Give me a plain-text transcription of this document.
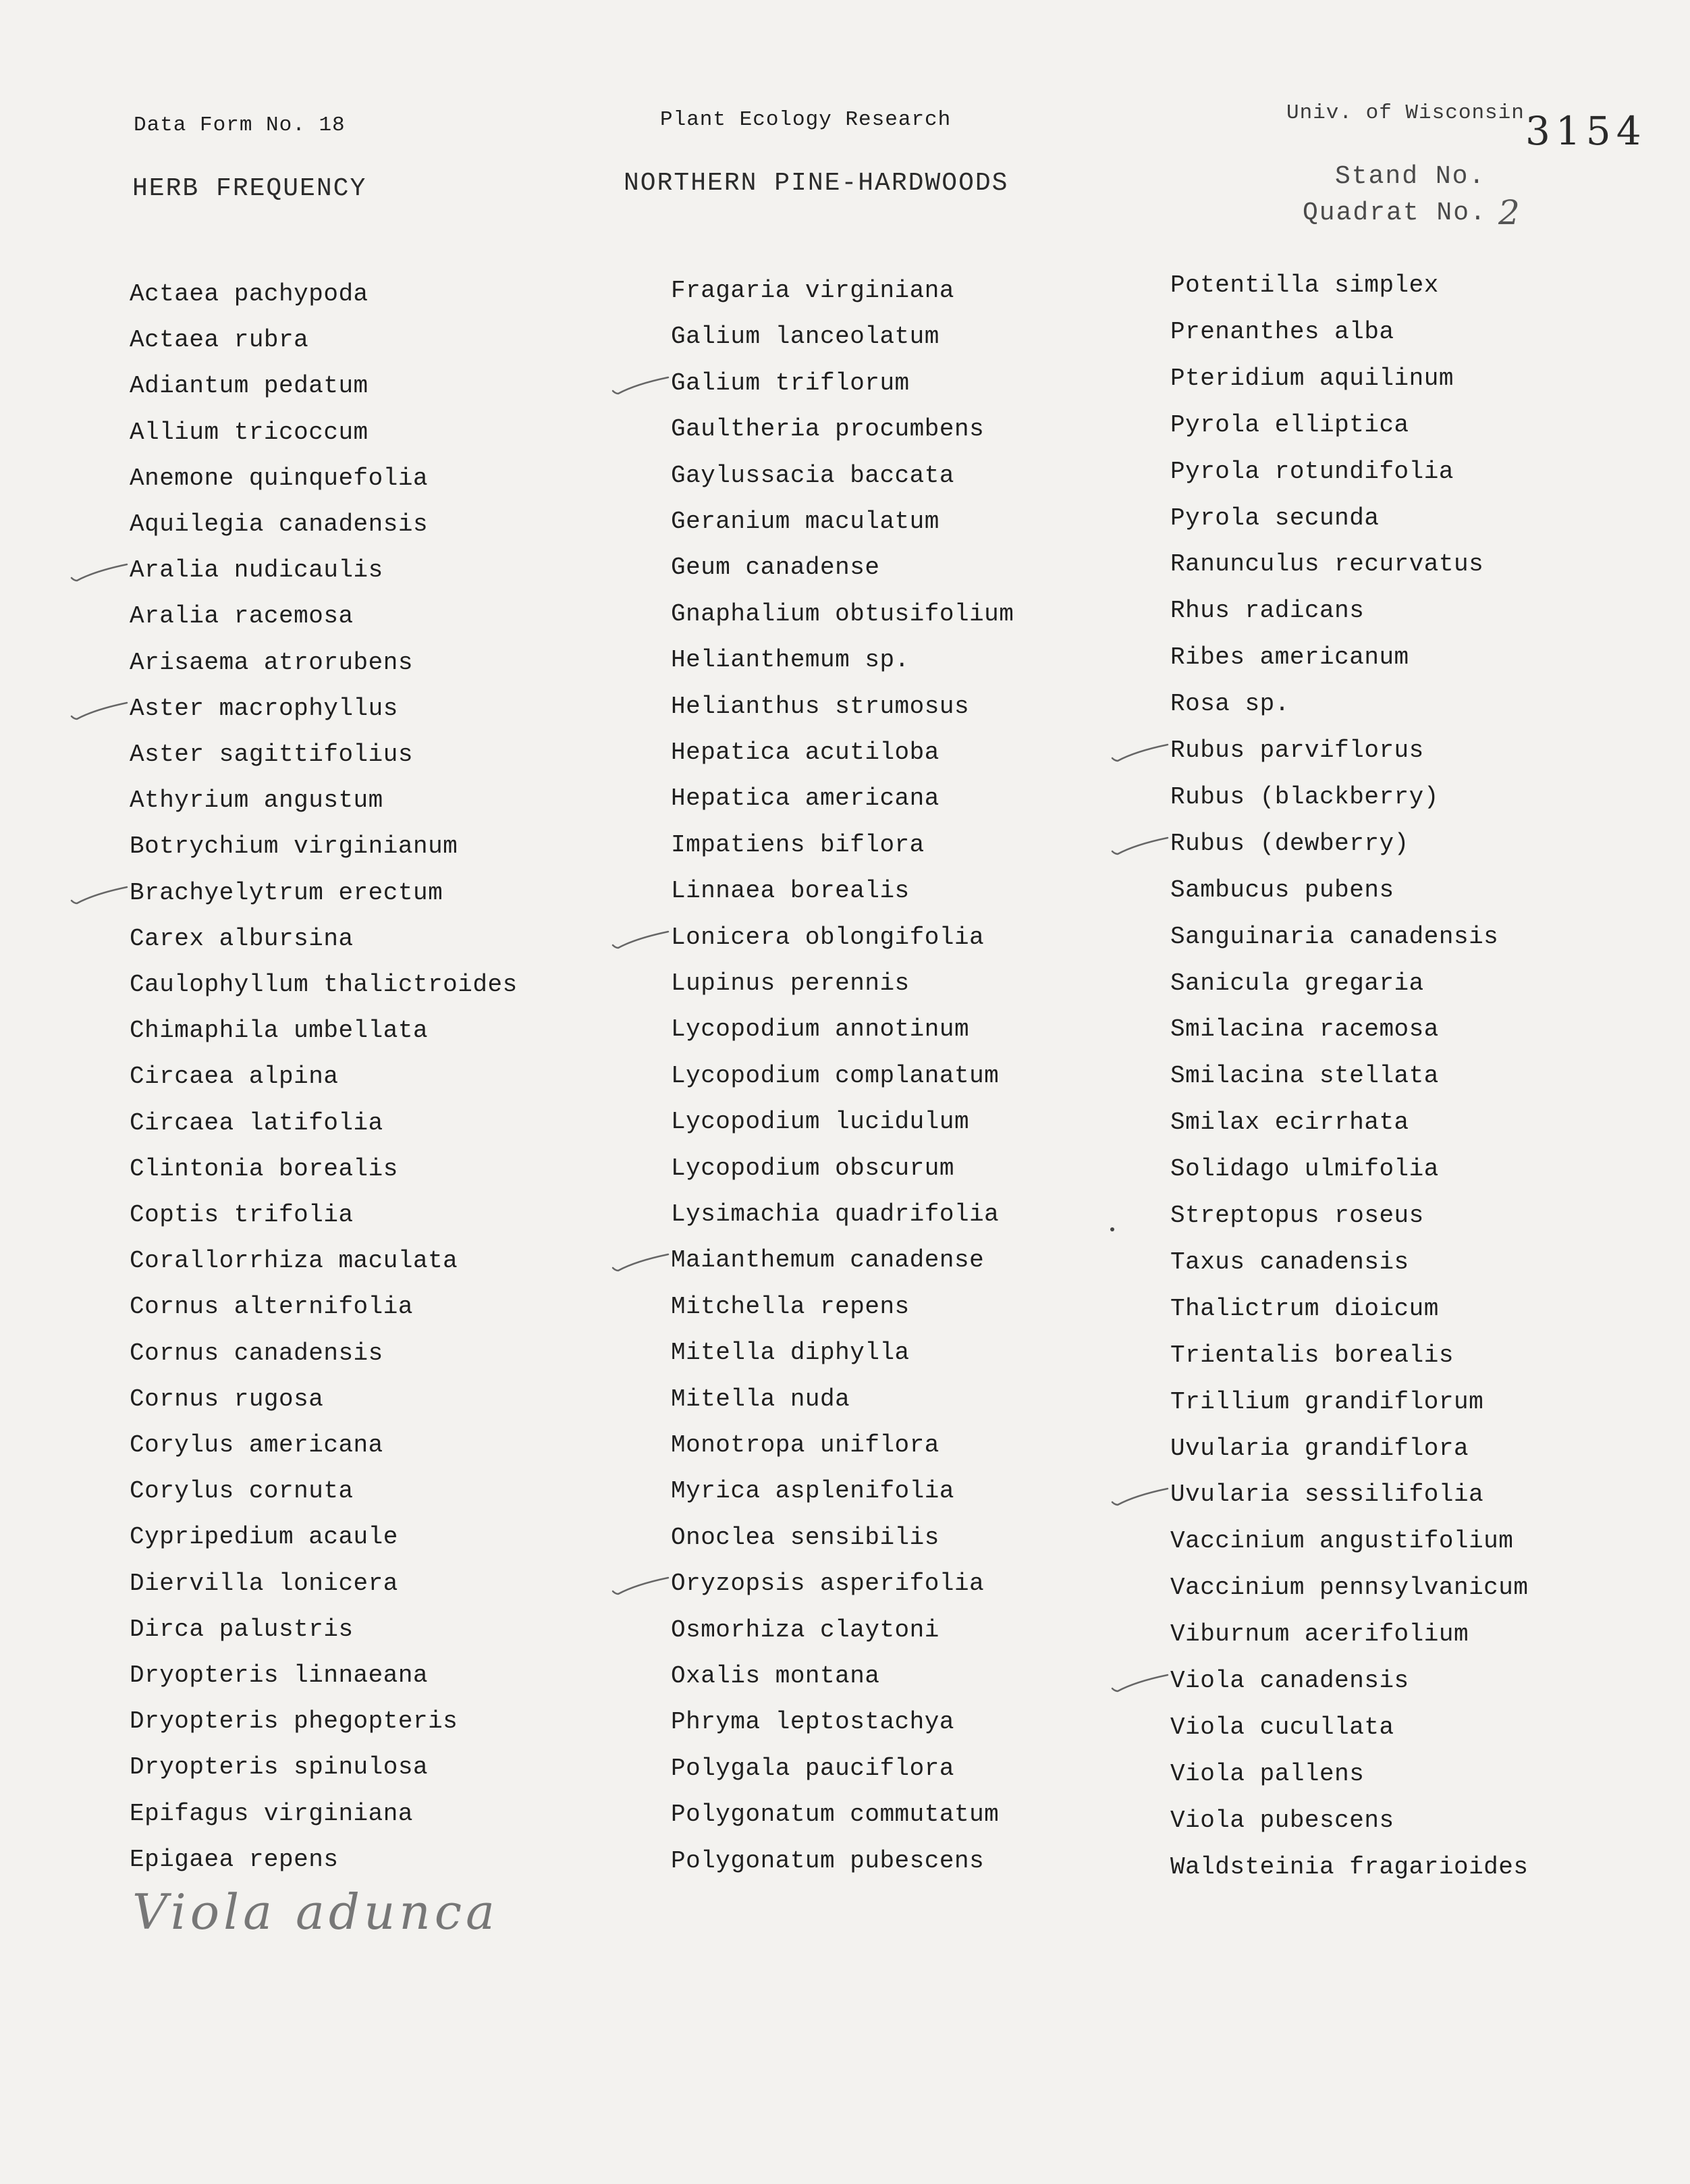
Data Form No. 18	Plant Ecology Research	Univ. of Wisconsin 3154
HERB FREQUENCY	NORTHERN PINE-HARDWOODS	Stand No.
Quadrat No. 2
Actaea pachypoda
Actaea rubra
Adiantum pedatum
Allium tricoccum
Anemone quinquefolia
Aquilegia canadensis
Aralia nudicaulis
Aralia racemosa
Arisaema atrorubens
Aster macrophyllus
Aster sagittifolius
Athyrium angustum
Botrychium virginianum
Brachyelytrum erectum
Carex albursina
Caulophyllum thalictroides
Chimaphila umbellata
Circaea alpina
Circaea latifolia
Clintonia borealis
Coptis trifolia
Corallorrhiza maculata
Cornus alternifolia
Cornus canadensis
Cornus rugosa
Corylus americana
Corylus cornuta
Cypripedium acaule
Diervilla lonicera
Dirca palustris
Dryopteris linnaeana
Dryopteris phegopteris
Dryopteris spinulosa
Epifagus virginiana
Epigaea repens
Fragaria virginiana
Galium lanceolatum
Galium triflorum
Gaultheria procumbens
Gaylussacia baccata
Geranium maculatum
Geum canadense
Gnaphalium obtusifolium
Helianthemum sp.
Helianthus strumosus
Hepatica acutiloba
Hepatica americana
Impatiens biflora
Linnaea borealis
Lonicera oblongifolia
Lupinus perennis
Lycopodium annotinum
Lycopodium complanatum
Lycopodium lucidulum
Lycopodium obscurum
Lysimachia quadrifolia
Maianthemum canadense
Mitchella repens
Mitella diphylla
Mitella nuda
Monotropa uniflora
Myrica asplenifolia
Onoclea sensibilis
Oryzopsis asperifolia
Osmorhiza claytoni
Oxalis montana
Phryma leptostachya
Polygala pauciflora
Polygonatum commutatum
Polygonatum pubescens
Potentilla simplex
Prenanthes alba
Pteridium aquilinum
Pyrola elliptica
Pyrola rotundifolia
Pyrola secunda
Ranunculus recurvatus
Rhus radicans
Ribes americanum
Rosa sp.
Rubus parviflorus
Rubus (blackberry)
Rubus (dewberry)
Sambucus pubens
Sanguinaria canadensis
Sanicula gregaria
Smilacina racemosa
Smilacina stellata
Smilax ecirrhata
Solidago ulmifolia
Streptopus roseus
Taxus canadensis
Thalictrum dioicum
Trientalis borealis
Trillium grandiflorum
Uvularia grandiflora
Uvularia sessilifolia
Vaccinium angustifolium
Vaccinium pennsylvanicum
Viburnum acerifolium
Viola canadensis
Viola cucullata
Viola pallens
Viola pubescens
Waldsteinia fragarioides
Viola adunca
